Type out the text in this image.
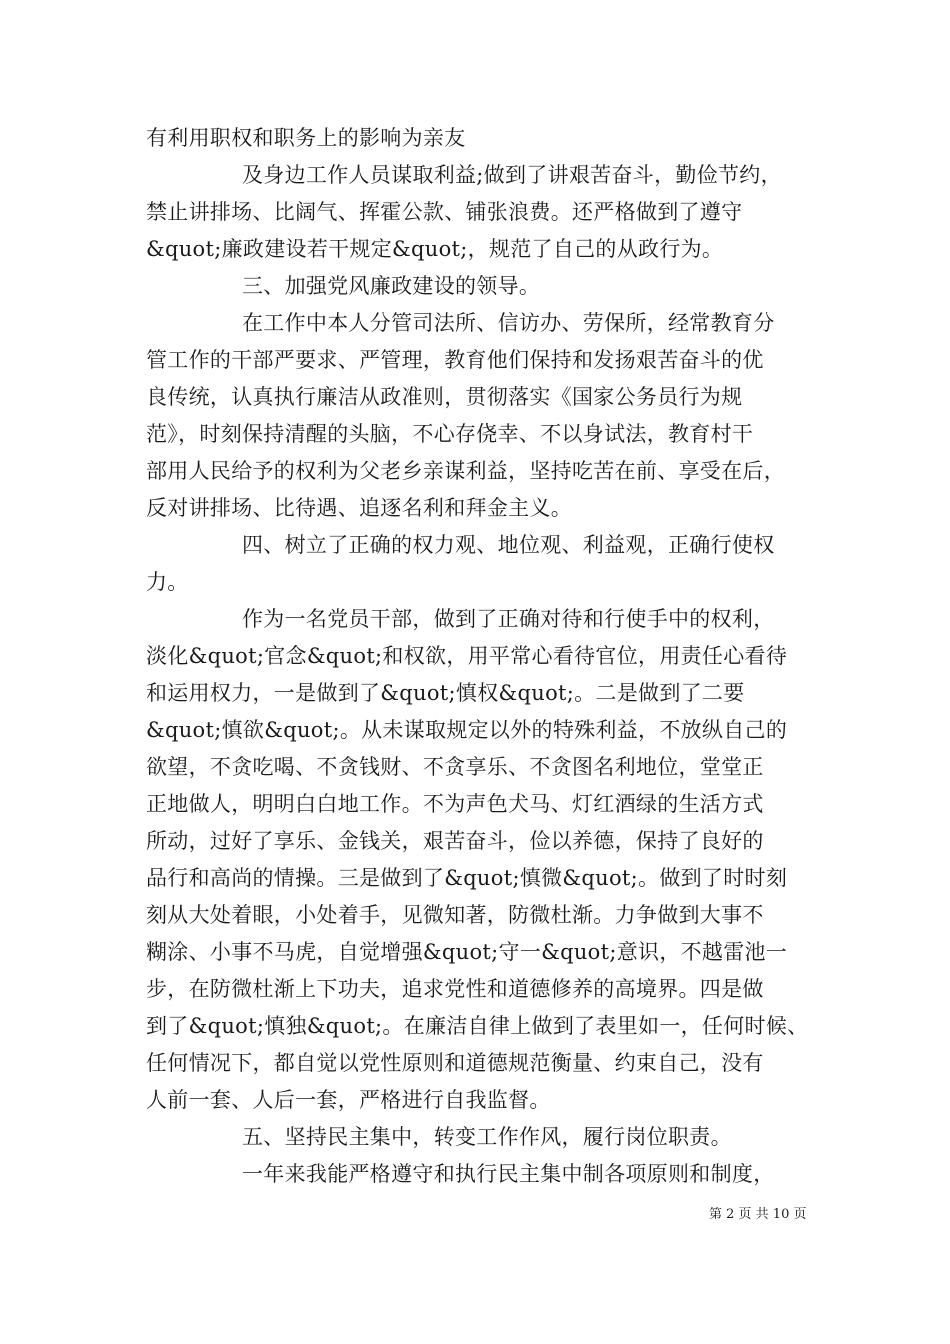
有利用职权和职务上的影响为亲友
及身边工作人员谋取利益;做到了讲艰苦奋斗，勤俭节约，
禁止讲排场、比阔气、挥霍公款、铺张浪费。还严格做到了遵守
&quot;廉政建设若干规定&quot;，规范了自己的从政行为。
三、加强党风廉政建设的领导。
在工作中本人分管司法所、信访办、劳保所，经常教育分
管工作的干部严要求、严管理，教育他们保持和发扬艰苦奋斗的优
良传统，认真执行廉洁从政准则，贯彻落实《国家公务员行为规
范》，时刻保持清醒的头脑，不心存侥幸、不以身试法，教育村干
部用人民给予的权利为父老乡亲谋利益，坚持吃苦在前、享受在后，
反对讲排场、比待遇、追逐名利和拜金主义。
四、树立了正确的权力观、地位观、利益观，正确行使权
力。
作为一名党员干部，做到了正确对待和行使手中的权利，
淡化&quot;官念&quot;和权欲，用平常心看待官位，用责任心看待
和运用权力，一是做到了&quot;慎权&quot;。二是做到了二要
&quot;慎欲&quot;。从未谋取规定以外的特殊利益，不放纵自己的
欲望，不贪吃喝、不贪钱财、不贪享乐、不贪图名利地位，堂堂正
正地做人，明明白白地工作。不为声色犬马、灯红酒绿的生活方式
所动，过好了享乐、金钱关，艰苦奋斗，俭以养德，保持了良好的
品行和高尚的情操。三是做到了&quot;慎微&quot;。做到了时时刻
刻从大处着眼，小处着手，见微知著，防微杜渐。力争做到大事不
糊涂、小事不马虎，自觉增强&quot;守一&quot;意识，不越雷池一
步，在防微杜渐上下功夫，追求党性和道德修养的高境界。四是做
到了&quot;慎独&quot;。在廉洁自律上做到了表里如一，任何时候、
任何情况下，都自觉以党性原则和道德规范衡量、约束自己，没有
人前一套、人后一套，严格进行自我监督。
五、坚持民主集中，转变工作作风，履行岗位职责。
一年来我能严格遵守和执行民主集中制各项原则和制度，
第 2 页 共 10 页
